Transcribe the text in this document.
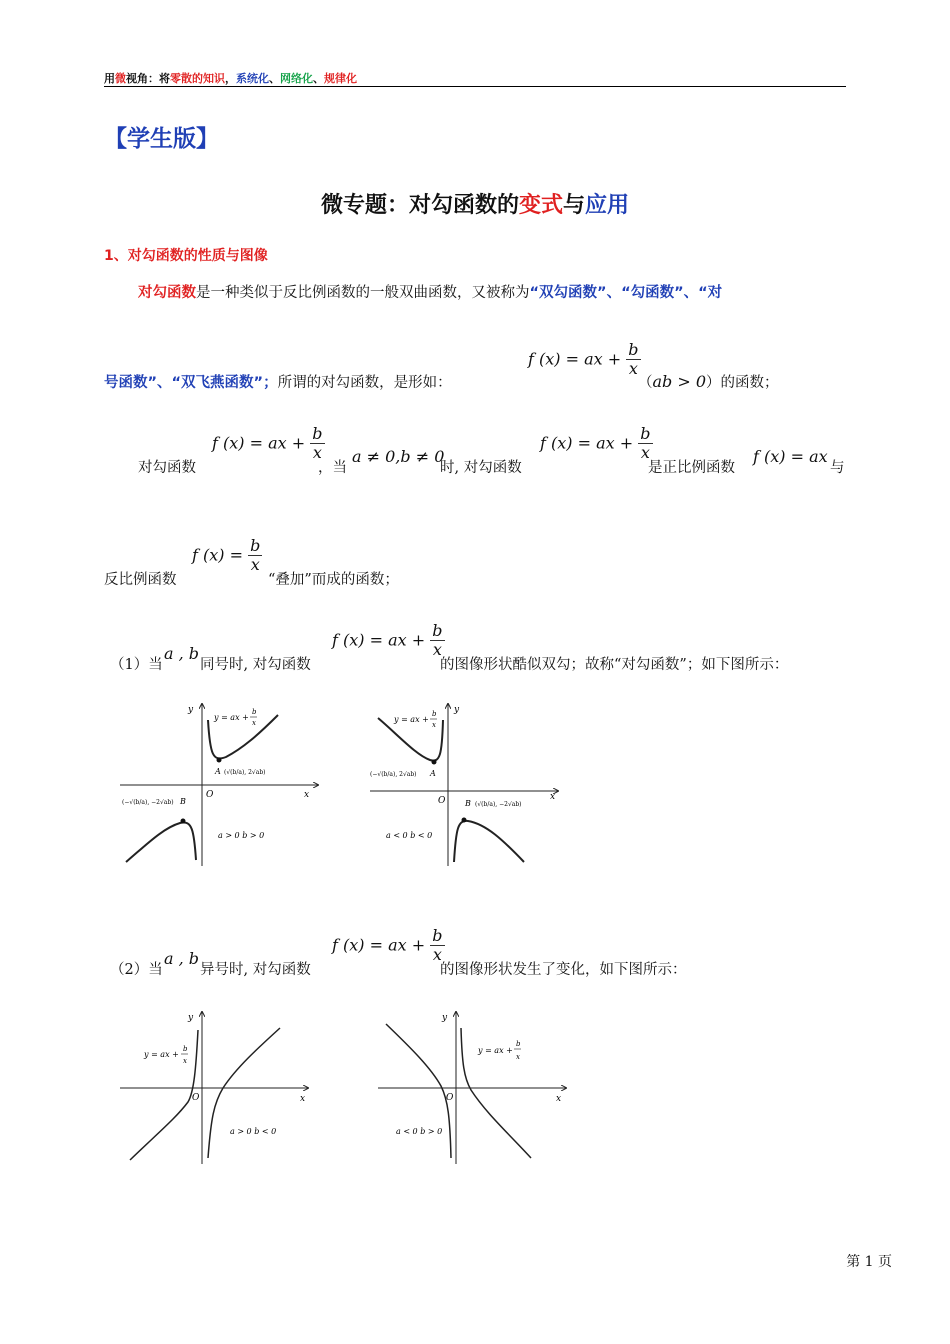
用微视角：将零散的知识，系统化、网络化、规律化
【学生版】
微专题：对勾函数的变式与应用
1、对勾函数的性质与图像
对勾函数是一种类似于反比例函数的一般双曲函数，又被称为“双勾函数”、“勾函数”、“对
号函数”、“双飞燕函数”；所谓的对勾函数，是形如：
f (x) = ax + $\frac{b}{x}$
（ab > 0）的函数；
对勾函数
f (x) = ax + $\frac{b}{x}$
，当
a ≠ 0,b ≠ 0
时, 对勾函数
f (x) = ax + $\frac{b}{x}$
是正比例函数
f (x) = ax
与
反比例函数
f $(x) = \frac{b}{x}$
“叠加”而成的函数；
（1）当
a , b
同号时, 对勾函数
f (x) = ax + $\frac{b}{x}$
的图像形状酷似双勾；故称“对勾函数”；如下图所示：
y
x
O
y = ax +
b
x
A (√(b/a), 2√ab)
B
(−√(b/a), −2√ab)
a > 0 b > 0
y
x
O
y = ax +
b
x
A
(−√(b/a), 2√ab)
B (√(b/a), −2√ab)
a < 0 b < 0
（2）当
a , b
异号时, 对勾函数
f (x) = ax + $\frac{b}{x}$
的图像形状发生了变化，如下图所示：
y
x
O
y = ax +
b
x
a > 0 b < 0
y
x
O
y = ax +
b
x
a < 0 b > 0
第 1 页
